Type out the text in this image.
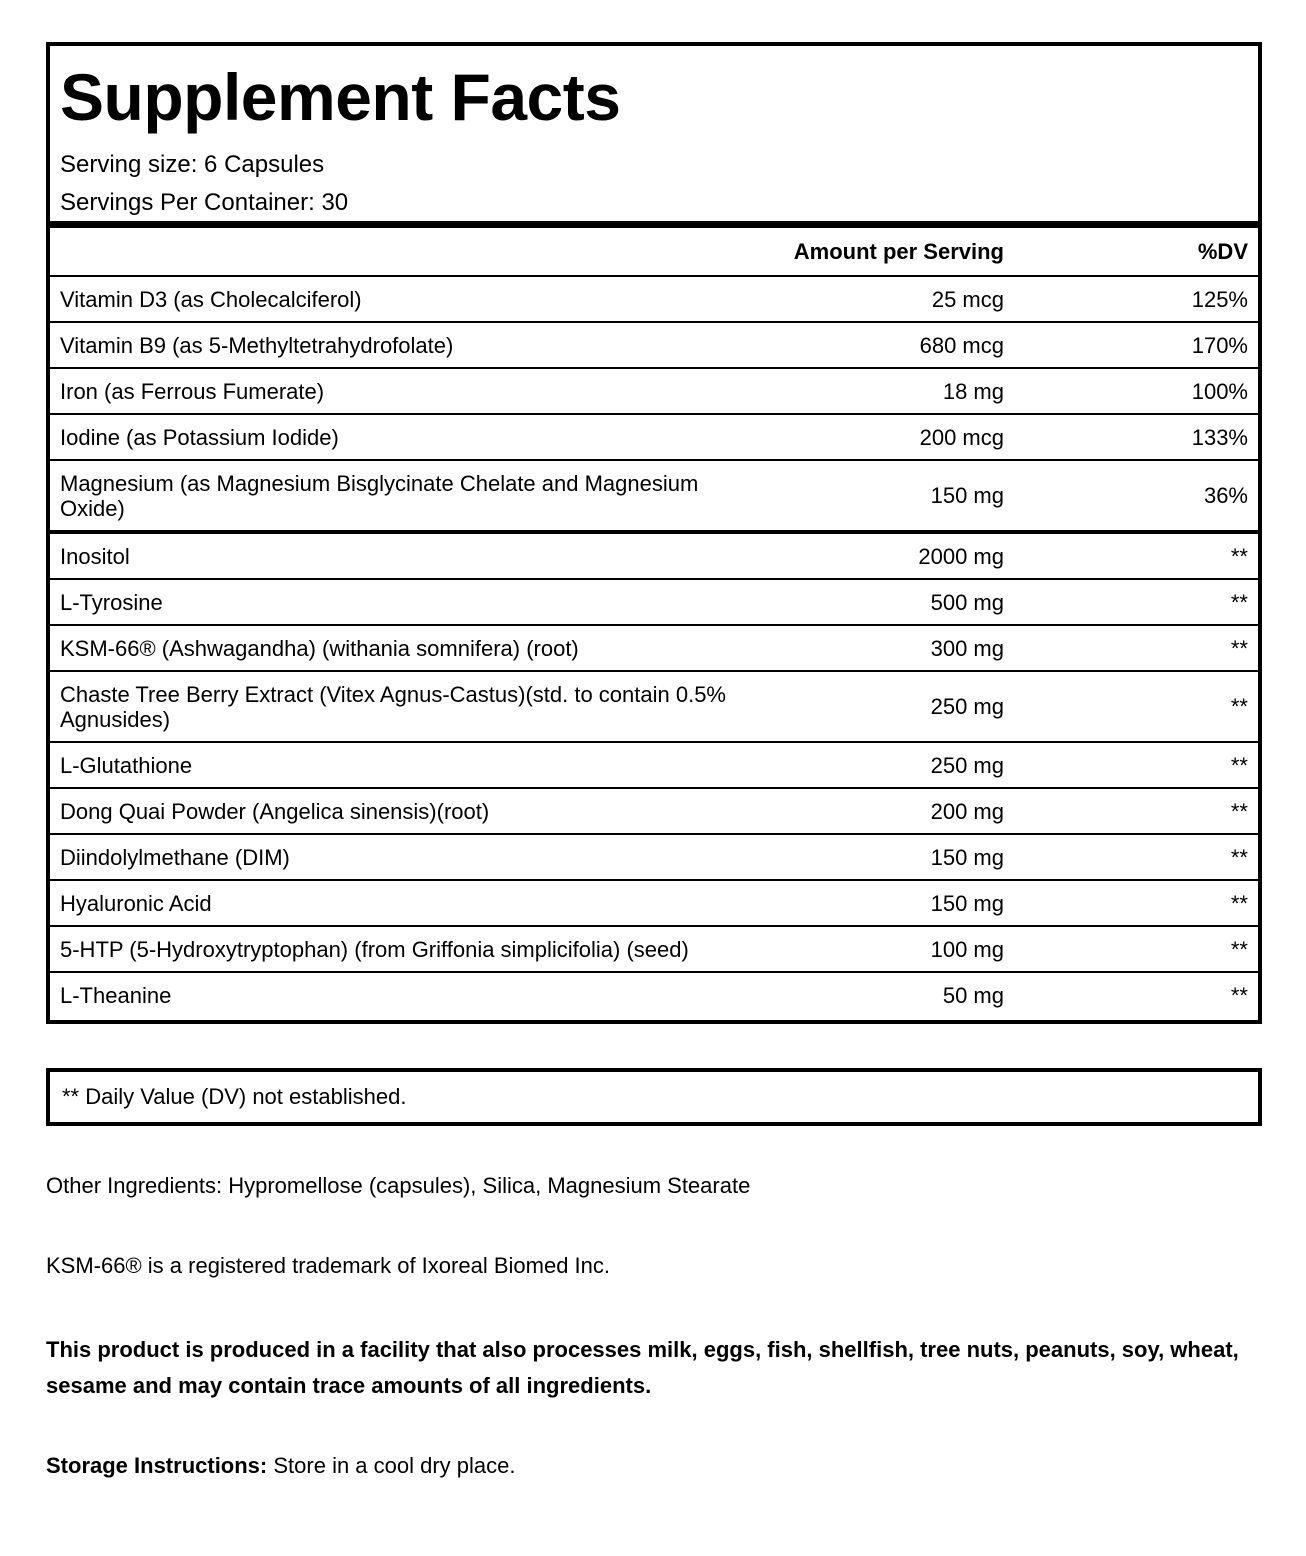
Supplement Facts
Serving size: 6 Capsules
Servings Per Container: 30
	Amount per Serving	%DV
Vitamin D3 (as Cholecalciferol)	25 mcg	125%
Vitamin B9 (as 5-Methyltetrahydrofolate)	680 mcg	170%
Iron (as Ferrous Fumerate)	18 mg	100%
Iodine (as Potassium Iodide)	200 mcg	133%
Magnesium (as Magnesium Bisglycinate Chelate and Magnesium Oxide)	150 mg	36%
Inositol	2000 mg	**
L-Tyrosine	500 mg	**
KSM-66® (Ashwagandha) (withania somnifera) (root)	300 mg	**
Chaste Tree Berry Extract (Vitex Agnus-Castus)(std. to contain 0.5% Agnusides)	250 mg	**
L-Glutathione	250 mg	**
Dong Quai Powder (Angelica sinensis)(root)	200 mg	**
Diindolylmethane (DIM)	150 mg	**
Hyaluronic Acid	150 mg	**
5-HTP (5-Hydroxytryptophan) (from Griffonia simplicifolia) (seed)	100 mg	**
L-Theanine	50 mg	**
** Daily Value (DV) not established.
Other Ingredients: Hypromellose (capsules), Silica, Magnesium Stearate
KSM-66® is a registered trademark of Ixoreal Biomed Inc.
This product is produced in a facility that also processes milk, eggs, fish, shellfish, tree nuts, peanuts, soy, wheat, sesame and may contain trace amounts of all ingredients.
Storage Instructions: Store in a cool dry place.
